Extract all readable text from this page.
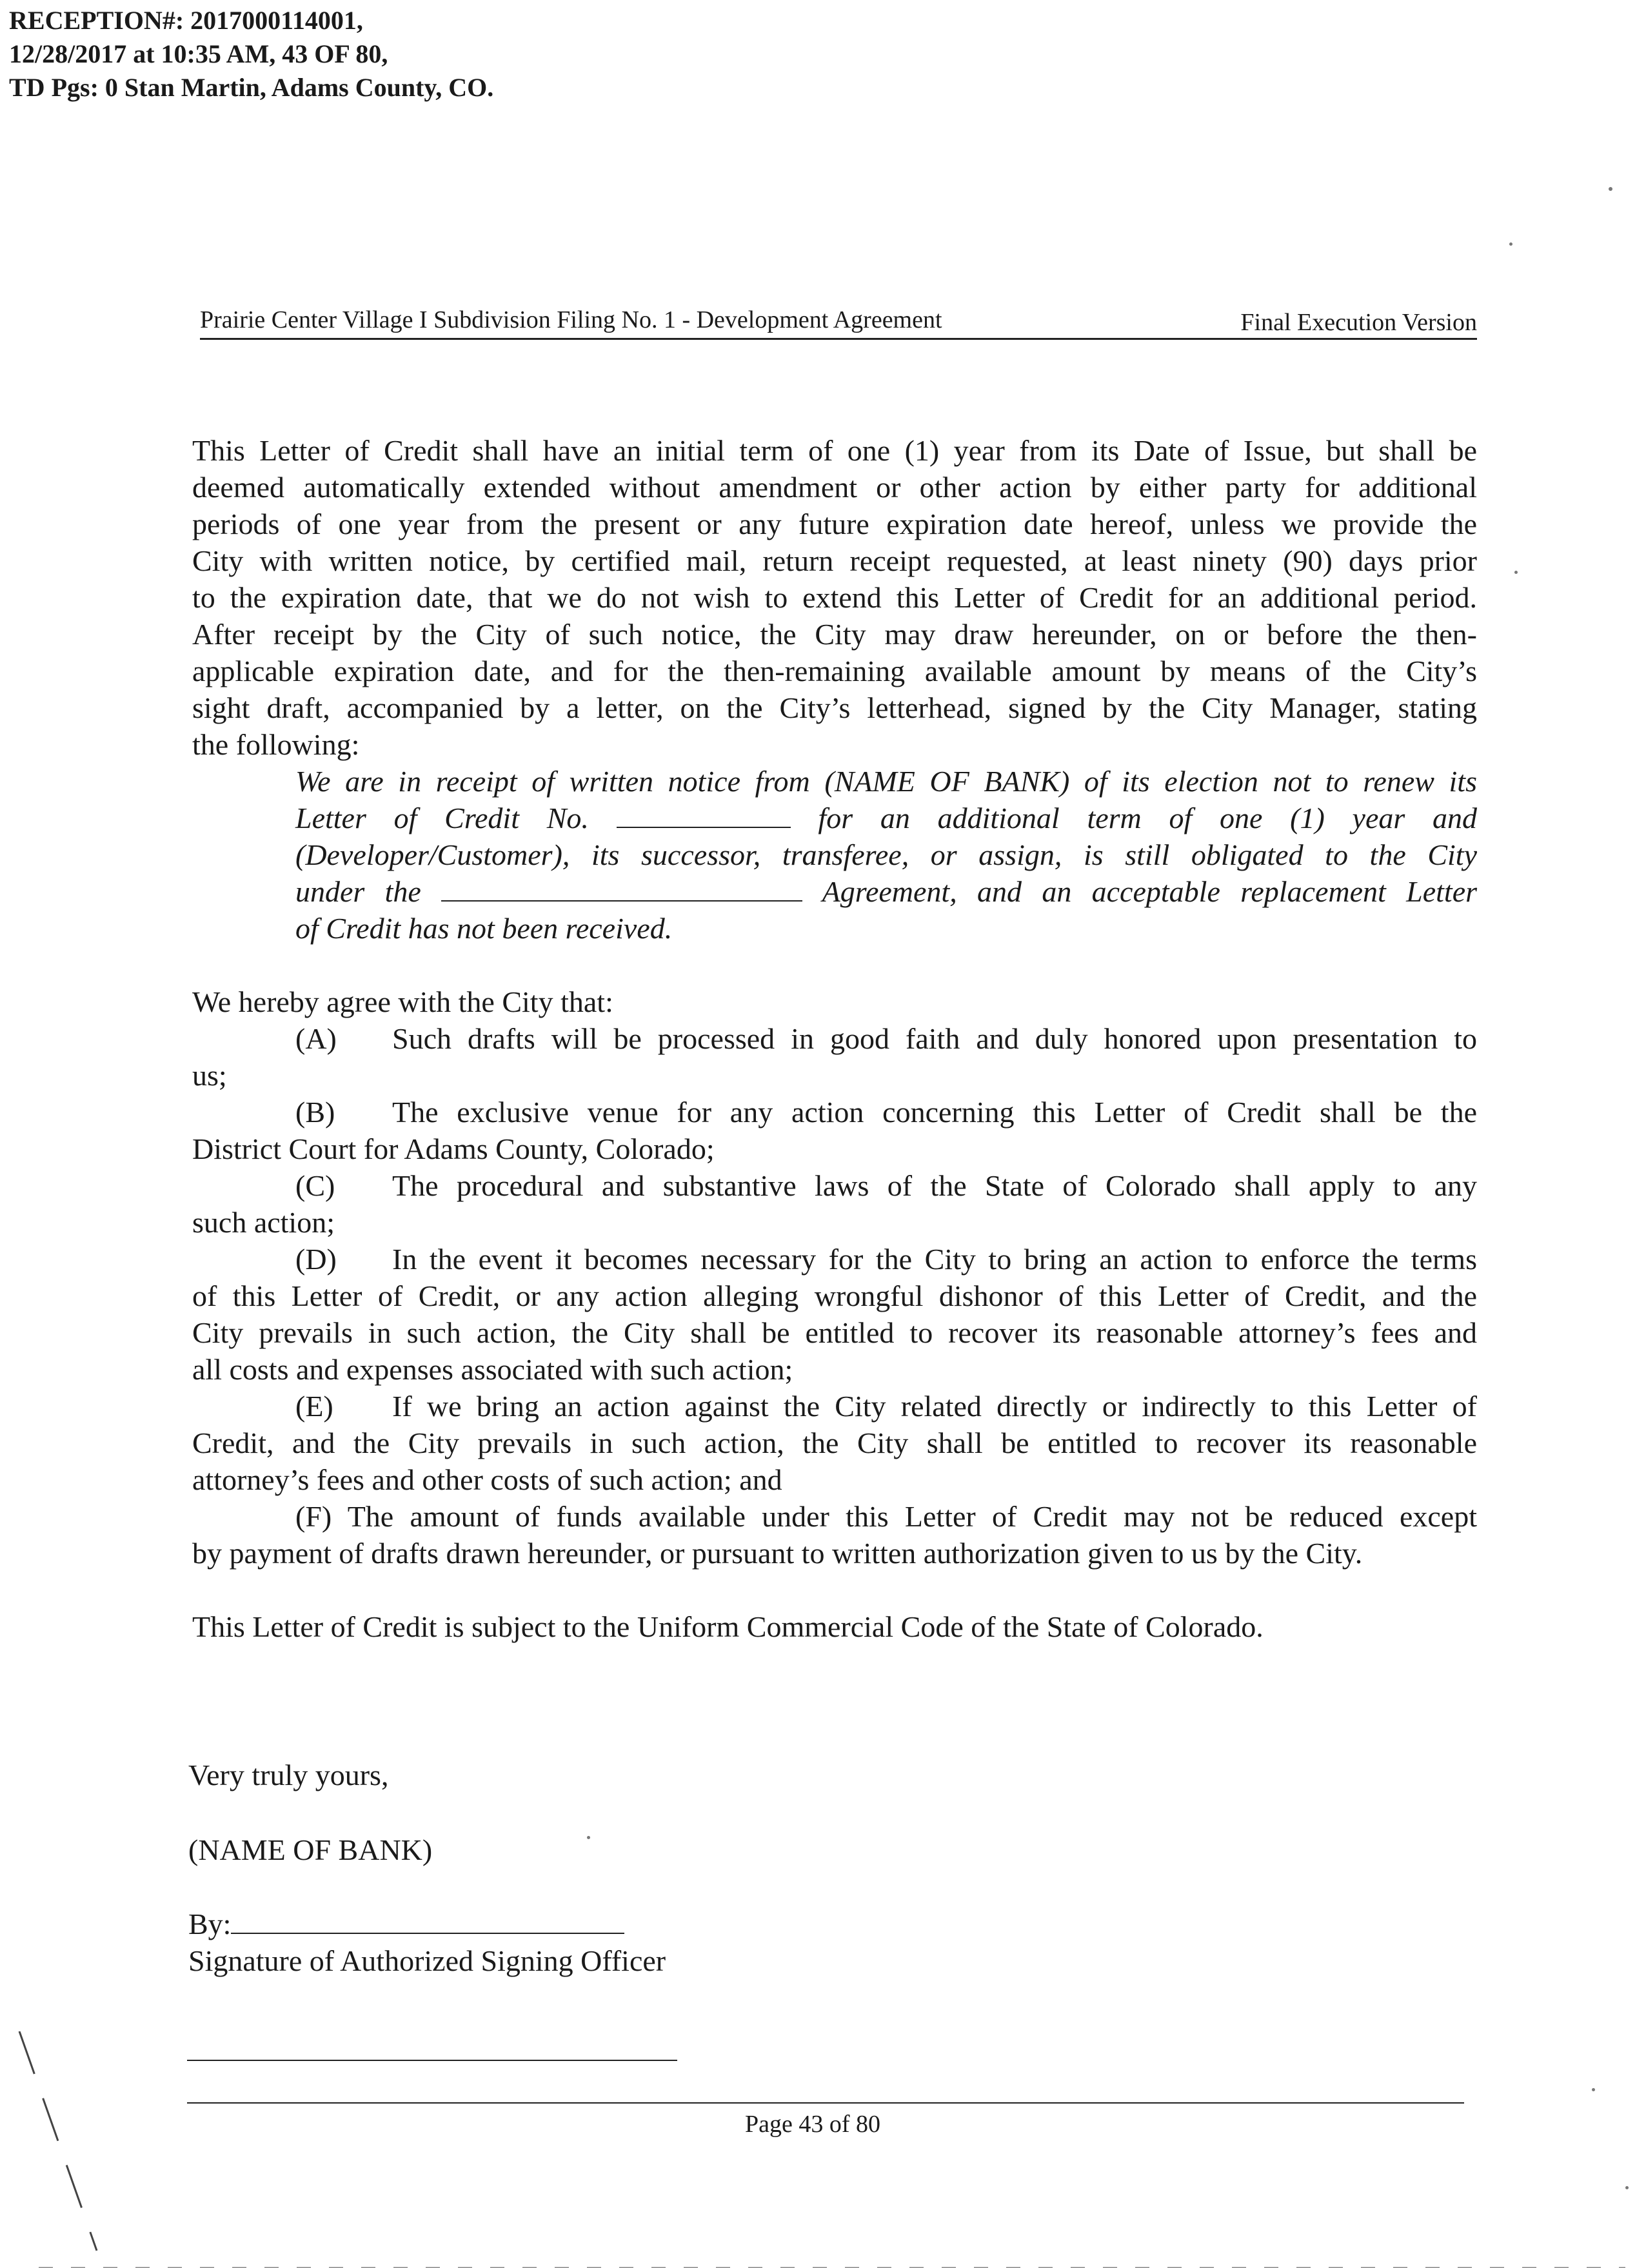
RECEPTION#: 2017000114001,
12/28/2017 at 10:35 AM, 43 OF 80,
TD Pgs: 0 Stan Martin, Adams County, CO.
Prairie Center Village I Subdivision Filing No. 1 - Development Agreement	Final Execution Version
This Letter of Credit shall have an initial term of one (1) year from its Date of Issue, but shall be
deemed automatically extended without amendment or other action by either party for additional
periods of one year from the present or any future expiration date hereof, unless we provide the
City with written notice, by certified mail, return receipt requested, at least ninety (90) days prior
to the expiration date, that we do not wish to extend this Letter of Credit for an additional period.
After receipt by the City of such notice, the City may draw hereunder, on or before the then-
applicable expiration date, and for the then-remaining available amount by means of the City’s
sight draft, accompanied by a letter, on the City’s letterhead, signed by the City Manager, stating
the following:
We are in receipt of written notice from (NAME OF BANK) of its election not to renew its
Letter of Credit No.	for an additional term of one (1) year and
(Developer/Customer), its successor, transferee, or assign, is still obligated to the City
under the	Agreement, and an acceptable replacement Letter
of Credit has not been received.
We hereby agree with the City that:
(A) Such drafts will be processed in good faith and duly honored upon presentation to
us;
(B) The exclusive venue for any action concerning this Letter of Credit shall be the
District Court for Adams County, Colorado;
(C) The procedural and substantive laws of the State of Colorado shall apply to any
such action;
(D) In the event it becomes necessary for the City to bring an action to enforce the terms
of this Letter of Credit, or any action alleging wrongful dishonor of this Letter of Credit, and the
City prevails in such action, the City shall be entitled to recover its reasonable attorney’s fees and
all costs and expenses associated with such action;
(E) If we bring an action against the City related directly or indirectly to this Letter of
Credit, and the City prevails in such action, the City shall be entitled to recover its reasonable
attorney’s fees and other costs of such action; and
(F) The amount of funds available under this Letter of Credit may not be reduced except
by payment of drafts drawn hereunder, or pursuant to written authorization given to us by the City.
This Letter of Credit is subject to the Uniform Commercial Code of the State of Colorado.
Very truly yours,
(NAME OF BANK)
By:
Signature of Authorized Signing Officer
Page 43 of 80
